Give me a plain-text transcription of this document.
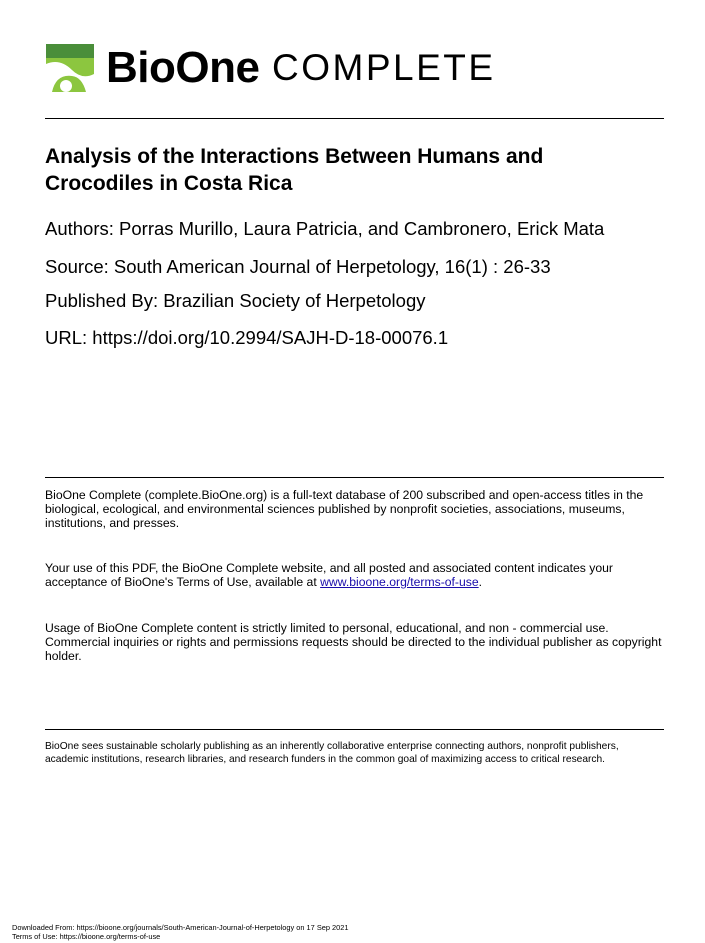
BioOne COMPLETE
Analysis of the Interactions Between Humans and Crocodiles in Costa Rica
Authors: Porras Murillo, Laura Patricia, and Cambronero, Erick Mata
Source: South American Journal of Herpetology, 16(1) : 26-33
Published By: Brazilian Society of Herpetology
URL: https://doi.org/10.2994/SAJH-D-18-00076.1

BioOne Complete (complete.BioOne.org) is a full-text database of 200 subscribed and open-access titles in the biological, ecological, and environmental sciences published by nonprofit societies, associations, museums, institutions, and presses.

Your use of this PDF, the BioOne Complete website, and all posted and associated content indicates your acceptance of BioOne's Terms of Use, available at www.bioone.org/terms-of-use.

Usage of BioOne Complete content is strictly limited to personal, educational, and non - commercial use. Commercial inquiries or rights and permissions requests should be directed to the individual publisher as copyright holder.

BioOne sees sustainable scholarly publishing as an inherently collaborative enterprise connecting authors, nonprofit publishers, academic institutions, research libraries, and research funders in the common goal of maximizing access to critical research.

Downloaded From: https://bioone.org/journals/South-American-Journal-of-Herpetology on 17 Sep 2021
Terms of Use: https://bioone.org/terms-of-use
